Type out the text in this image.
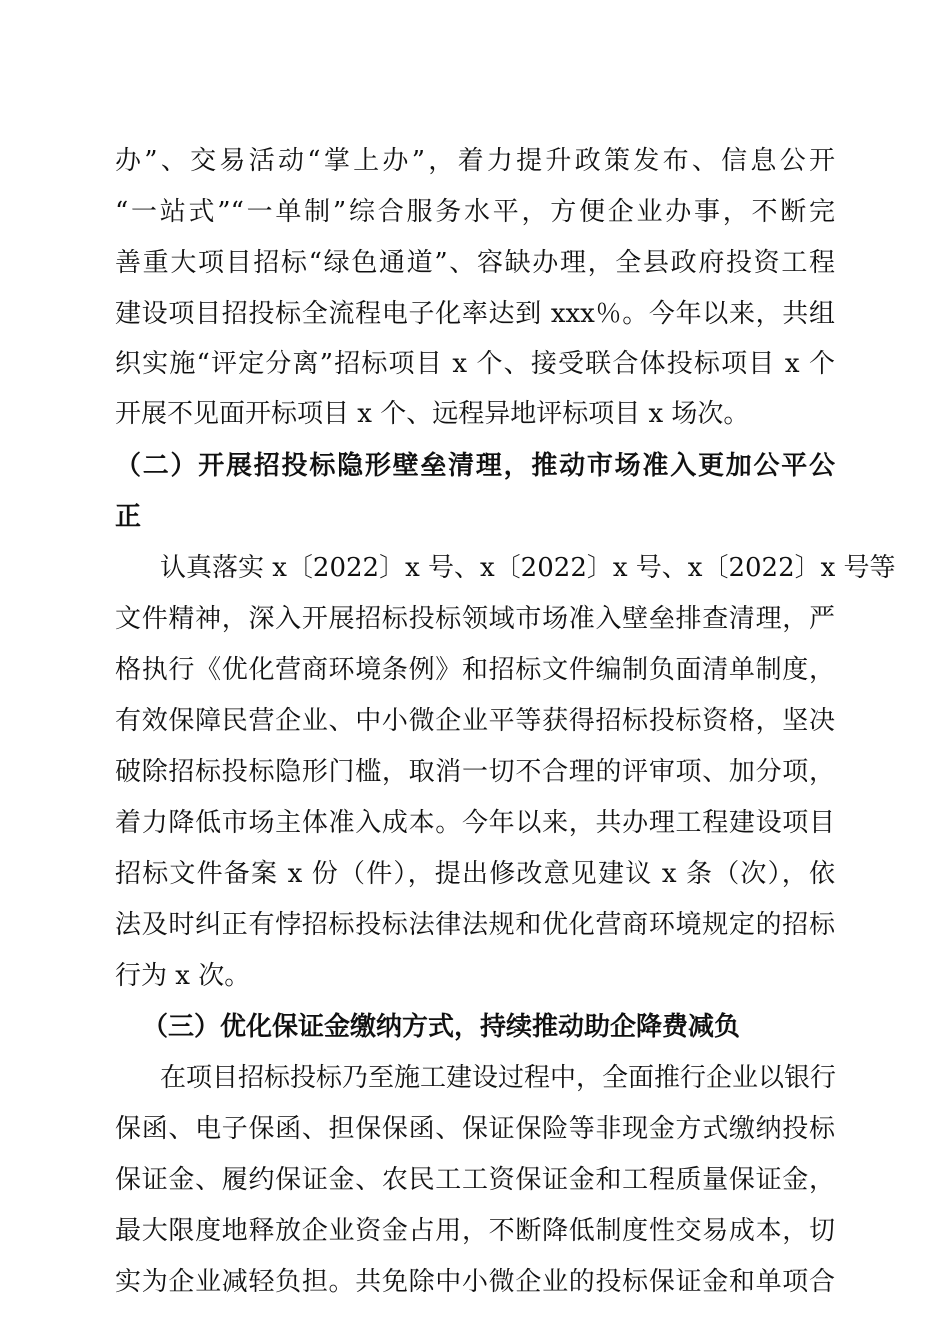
办”、交易活动“掌上办”，着力提升政策发布、信息公开
“一站式”“一单制”综合服务水平，方便企业办事，不断完
善重大项目招标“绿色通道”、容缺办理，全县政府投资工程
建设项目招投标全流程电子化率达到 xxx％。今年以来，共组
织实施“评定分离”招标项目 x 个、接受联合体投标项目 x 个
开展不见面开标项目 x 个、远程异地评标项目 x 场次。
（二）开展招投标隐形壁垒清理，推动市场准入更加公平公
正
认真落实 x〔2022〕x 号、x〔2022〕x 号、x〔2022〕x 号等
文件精神，深入开展招标投标领域市场准入壁垒排查清理，严
格执行《优化营商环境条例》和招标文件编制负面清单制度，
有效保障民营企业、中小微企业平等获得招标投标资格，坚决
破除招标投标隐形门槛，取消一切不合理的评审项、加分项，
着力降低市场主体准入成本。今年以来，共办理工程建设项目
招标文件备案 x 份（件），提出修改意见建议 x 条（次），依
法及时纠正有悖招标投标法律法规和优化营商环境规定的招标
行为 x 次。
（三）优化保证金缴纳方式，持续推动助企降费减负
在项目招标投标乃至施工建设过程中，全面推行企业以银行
保函、电子保函、担保保函、保证保险等非现金方式缴纳投标
保证金、履约保证金、农民工工资保证金和工程质量保证金，
最大限度地释放企业资金占用，不断降低制度性交易成本，切
实为企业减轻负担。共免除中小微企业的投标保证金和单项合
